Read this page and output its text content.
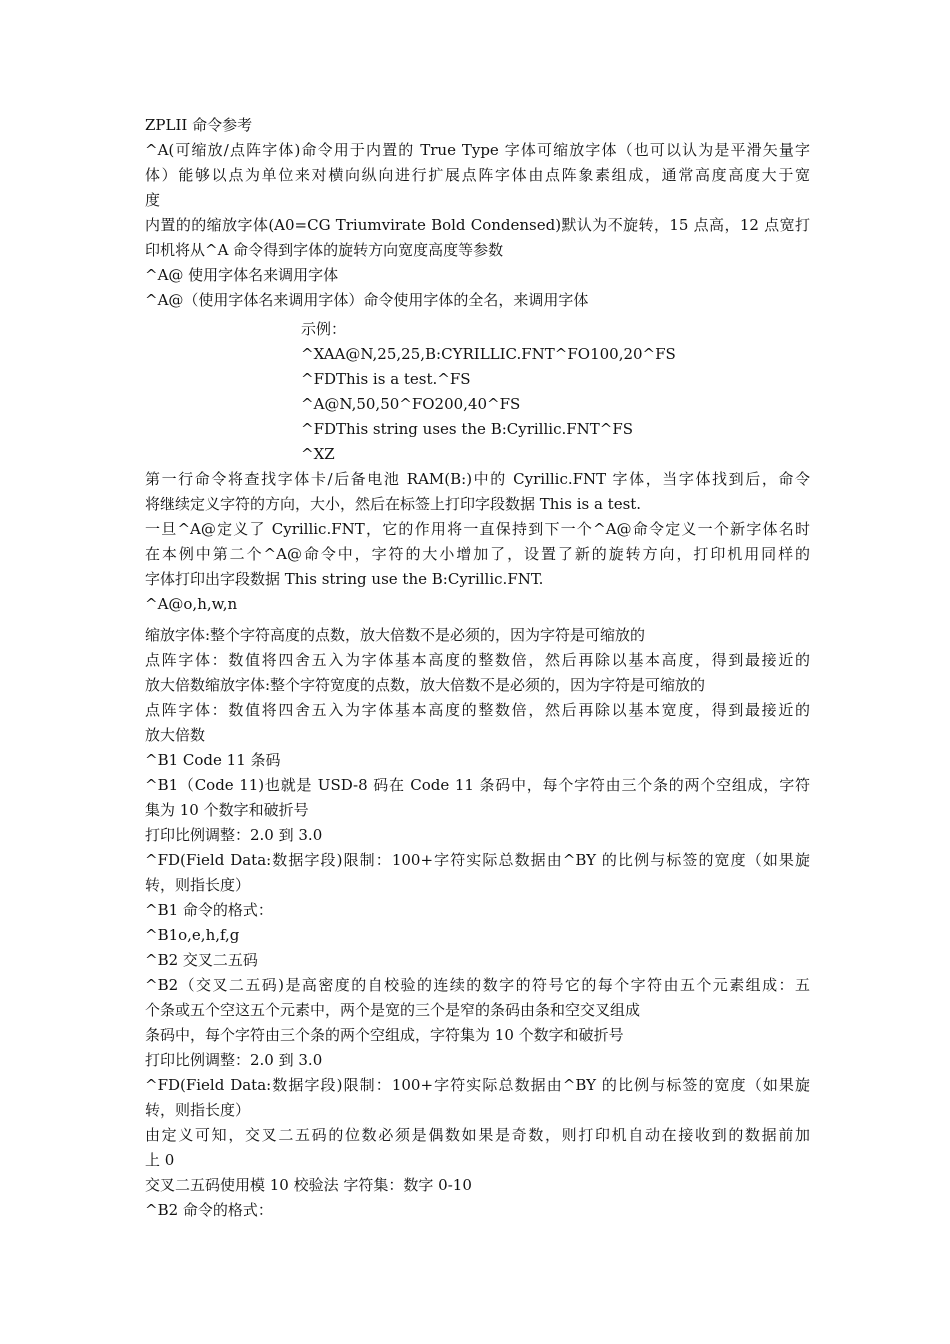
ZPLII 命令参考
^A(可缩放/点阵字体)命令用于内置的 True Type 字体可缩放字体（也可以认为是平滑矢量字
体）能够以点为单位来对横向纵向进行扩展点阵字体由点阵象素组成，通常高度高度大于宽
度
内置的的缩放字体(A0=CG Triumvirate Bold Condensed)默认为不旋转，15 点高，12 点宽打
印机将从^A 命令得到字体的旋转方向宽度高度等参数
^A@ 使用字体名来调用字体
^A@（使用字体名来调用字体）命令使用字体的全名，来调用字体
示例：
^XAA@N,25,25,B:CYRILLIC.FNT^FO100,20^FS
^FDThis is a test.^FS
^A@N,50,50^FO200,40^FS
^FDThis string uses the B:Cyrillic.FNT^FS
^XZ
第一行命令将查找字体卡/后备电池 RAM(B:)中的 Cyrillic.FNT 字体，当字体找到后，命令
将继续定义字符的方向，大小，然后在标签上打印字段数据 This is a test.
一旦^A@定义了 Cyrillic.FNT，它的作用将一直保持到下一个^A@命令定义一个新字体名时
在本例中第二个^A@命令中，字符的大小增加了，设置了新的旋转方向，打印机用同样的
字体打印出字段数据 This string use the B:Cyrillic.FNT.
^A@o,h,w,n
缩放字体:整个字符高度的点数，放大倍数不是必须的，因为字符是可缩放的
点阵字体：数值将四舍五入为字体基本高度的整数倍，然后再除以基本高度，得到最接近的
放大倍数缩放字体:整个字符宽度的点数，放大倍数不是必须的，因为字符是可缩放的
点阵字体：数值将四舍五入为字体基本高度的整数倍，然后再除以基本宽度，得到最接近的
放大倍数
^B1 Code 11 条码
^B1（Code 11)也就是 USD-8 码在 Code 11 条码中，每个字符由三个条的两个空组成，字符
集为 10 个数字和破折号
打印比例调整：2.0 到 3.0
^FD(Field Data:数据字段)限制：100+字符实际总数据由^BY 的比例与标签的宽度（如果旋
转，则指长度）
^B1 命令的格式：
^B1o,e,h,f,g
^B2 交叉二五码
^B2（交叉二五码)是高密度的自校验的连续的数字的符号它的每个字符由五个元素组成：五
个条或五个空这五个元素中，两个是宽的三个是窄的条码由条和空交叉组成
条码中，每个字符由三个条的两个空组成，字符集为 10 个数字和破折号
打印比例调整：2.0 到 3.0
^FD(Field Data:数据字段)限制：100+字符实际总数据由^BY 的比例与标签的宽度（如果旋
转，则指长度）
由定义可知，交叉二五码的位数必须是偶数如果是奇数，则打印机自动在接收到的数据前加
上 0
交叉二五码使用模 10 校验法 字符集：数字 0-10
^B2 命令的格式：
